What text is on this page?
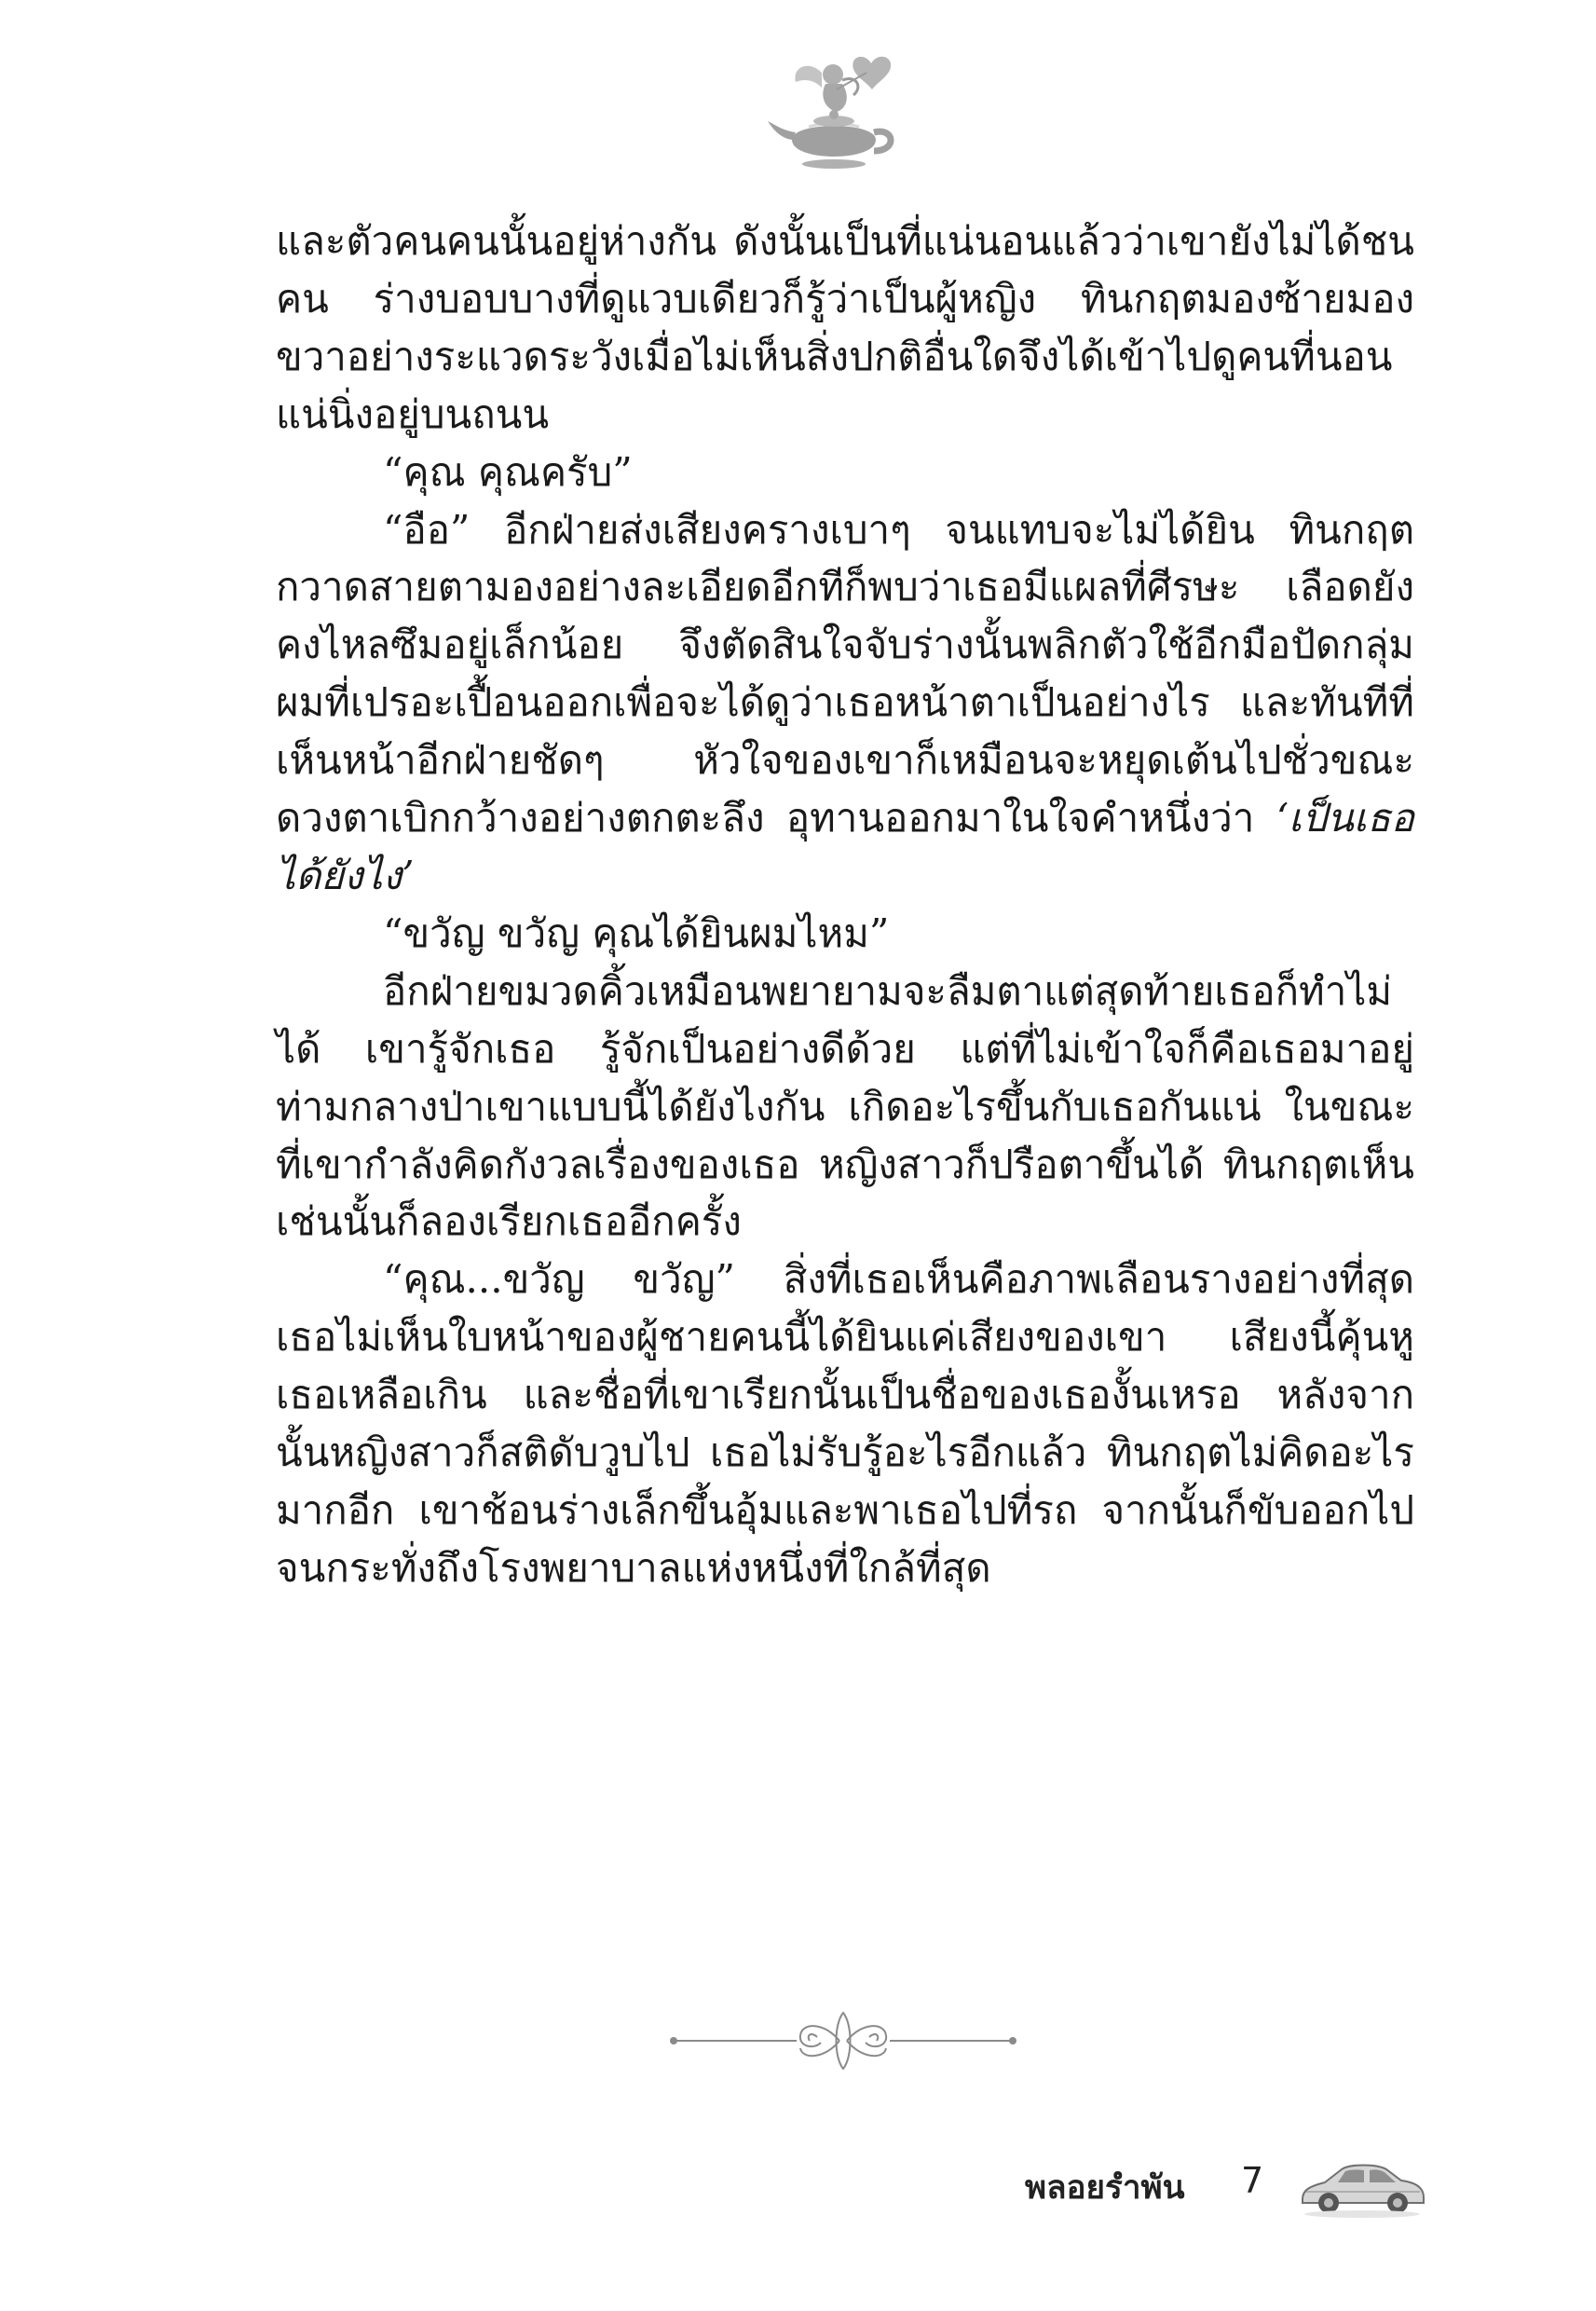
และตัวคนคนนั้นอยู่ห่างกัน ดังนั้นเป็นที่แน่นอนแล้วว่าเขายังไม่ได้ชนคน ร่างบอบบางที่ดูแวบเดียวก็รู้ว่าเป็นผู้หญิง ทินกฤตมองซ้ายมองขวาอย่างระแวดระวังเมื่อไม่เห็นสิ่งปกติอื่นใดจึงได้เข้าไปดูคนที่นอนแน่นิ่งอยู่บนถนน

“คุณ คุณครับ”

“อือ” อีกฝ่ายส่งเสียงครางเบาๆ จนแทบจะไม่ได้ยิน ทินกฤตกวาดสายตามองอย่างละเอียดอีกทีก็พบว่าเธอมีแผลที่ศีรษะ เลือดยังคงไหลซึมอยู่เล็กน้อย จึงตัดสินใจจับร่างนั้นพลิกตัวใช้อีกมือปัดกลุ่มผมที่เปรอะเปื้อนออกเพื่อจะได้ดูว่าเธอหน้าตาเป็นอย่างไร และทันทีที่เห็นหน้าอีกฝ่ายชัดๆ หัวใจของเขาก็เหมือนจะหยุดเต้นไปชั่วขณะดวงตาเบิกกว้างอย่างตกตะลึง อุทานออกมาในใจคำหนึ่งว่า ‘เป็นเธอได้ยังไง’

“ขวัญ ขวัญ คุณได้ยินผมไหม”

อีกฝ่ายขมวดคิ้วเหมือนพยายามจะลืมตาแต่สุดท้ายเธอก็ทำไม่ได้ เขารู้จักเธอ รู้จักเป็นอย่างดีด้วย แต่ที่ไม่เข้าใจก็คือเธอมาอยู่ท่ามกลางป่าเขาแบบนี้ได้ยังไงกัน เกิดอะไรขึ้นกับเธอกันแน่ ในขณะที่เขากำลังคิดกังวลเรื่องของเธอ หญิงสาวก็ปรือตาขึ้นได้ ทินกฤตเห็นเช่นนั้นก็ลองเรียกเธออีกครั้ง

“คุณ...ขวัญ ขวัญ” สิ่งที่เธอเห็นคือภาพเลือนรางอย่างที่สุด เธอไม่เห็นใบหน้าของผู้ชายคนนี้ได้ยินแค่เสียงของเขา เสียงนี้คุ้นหูเธอเหลือเกิน และชื่อที่เขาเรียกนั้นเป็นชื่อของเธองั้นเหรอ หลังจากนั้นหญิงสาวก็สติดับวูบไป เธอไม่รับรู้อะไรอีกแล้ว ทินกฤตไม่คิดอะไรมากอีก เขาช้อนร่างเล็กขึ้นอุ้มและพาเธอไปที่รถ จากนั้นก็ขับออกไปจนกระทั่งถึงโรงพยาบาลแห่งหนึ่งที่ใกล้ที่สุด

พลอยรำพัน 7
